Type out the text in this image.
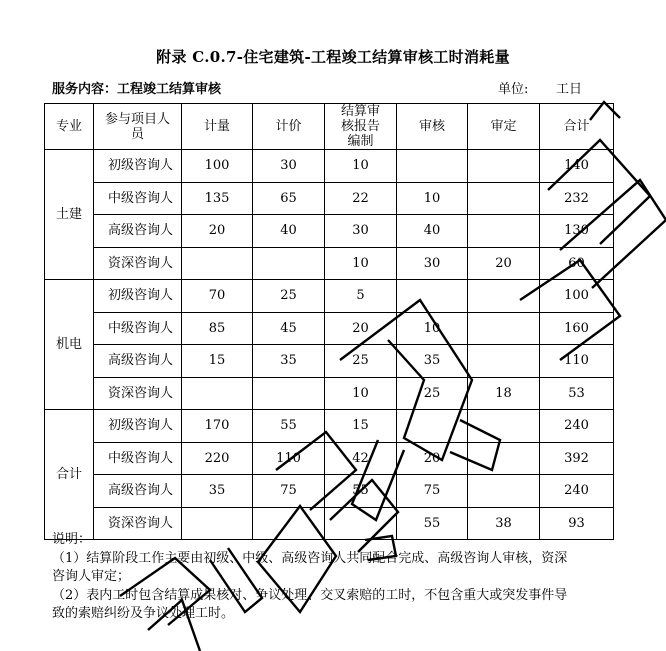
附录 C.0.7-住宅建筑-工程竣工结算审核工时消耗量
服务内容：工程竣工结算审核	单位: 工日
专业	参与项目人员	计量	计价	结算审核报告编制	审核	审定	合计
土建	初级咨询人	100	30	10			140
	中级咨询人	135	65	22	10		232
	高级咨询人	20	40	30	40		130
	资深咨询人			10	30	20	60
机电	初级咨询人	70	25	5			100
	中级咨询人	85	45	20	10		160
	高级咨询人	15	35	25	35		110
	资深咨询人			10	25	18	53
合计	初级咨询人	170	55	15			240
	中级咨询人	220	110	42	20		392
	高级咨询人	35	75	55	75		240
	资深咨询人				55	38	93
说明：
（1）结算阶段工作主要由初级、中级、高级咨询人共同配合完成、高级咨询人审核，资深
咨询人审定；
（2）表内工时包含结算成果核对、争议处理、交叉索赔的工时，不包含重大或突发事件导
致的索赔纠纷及争议处理工时。
